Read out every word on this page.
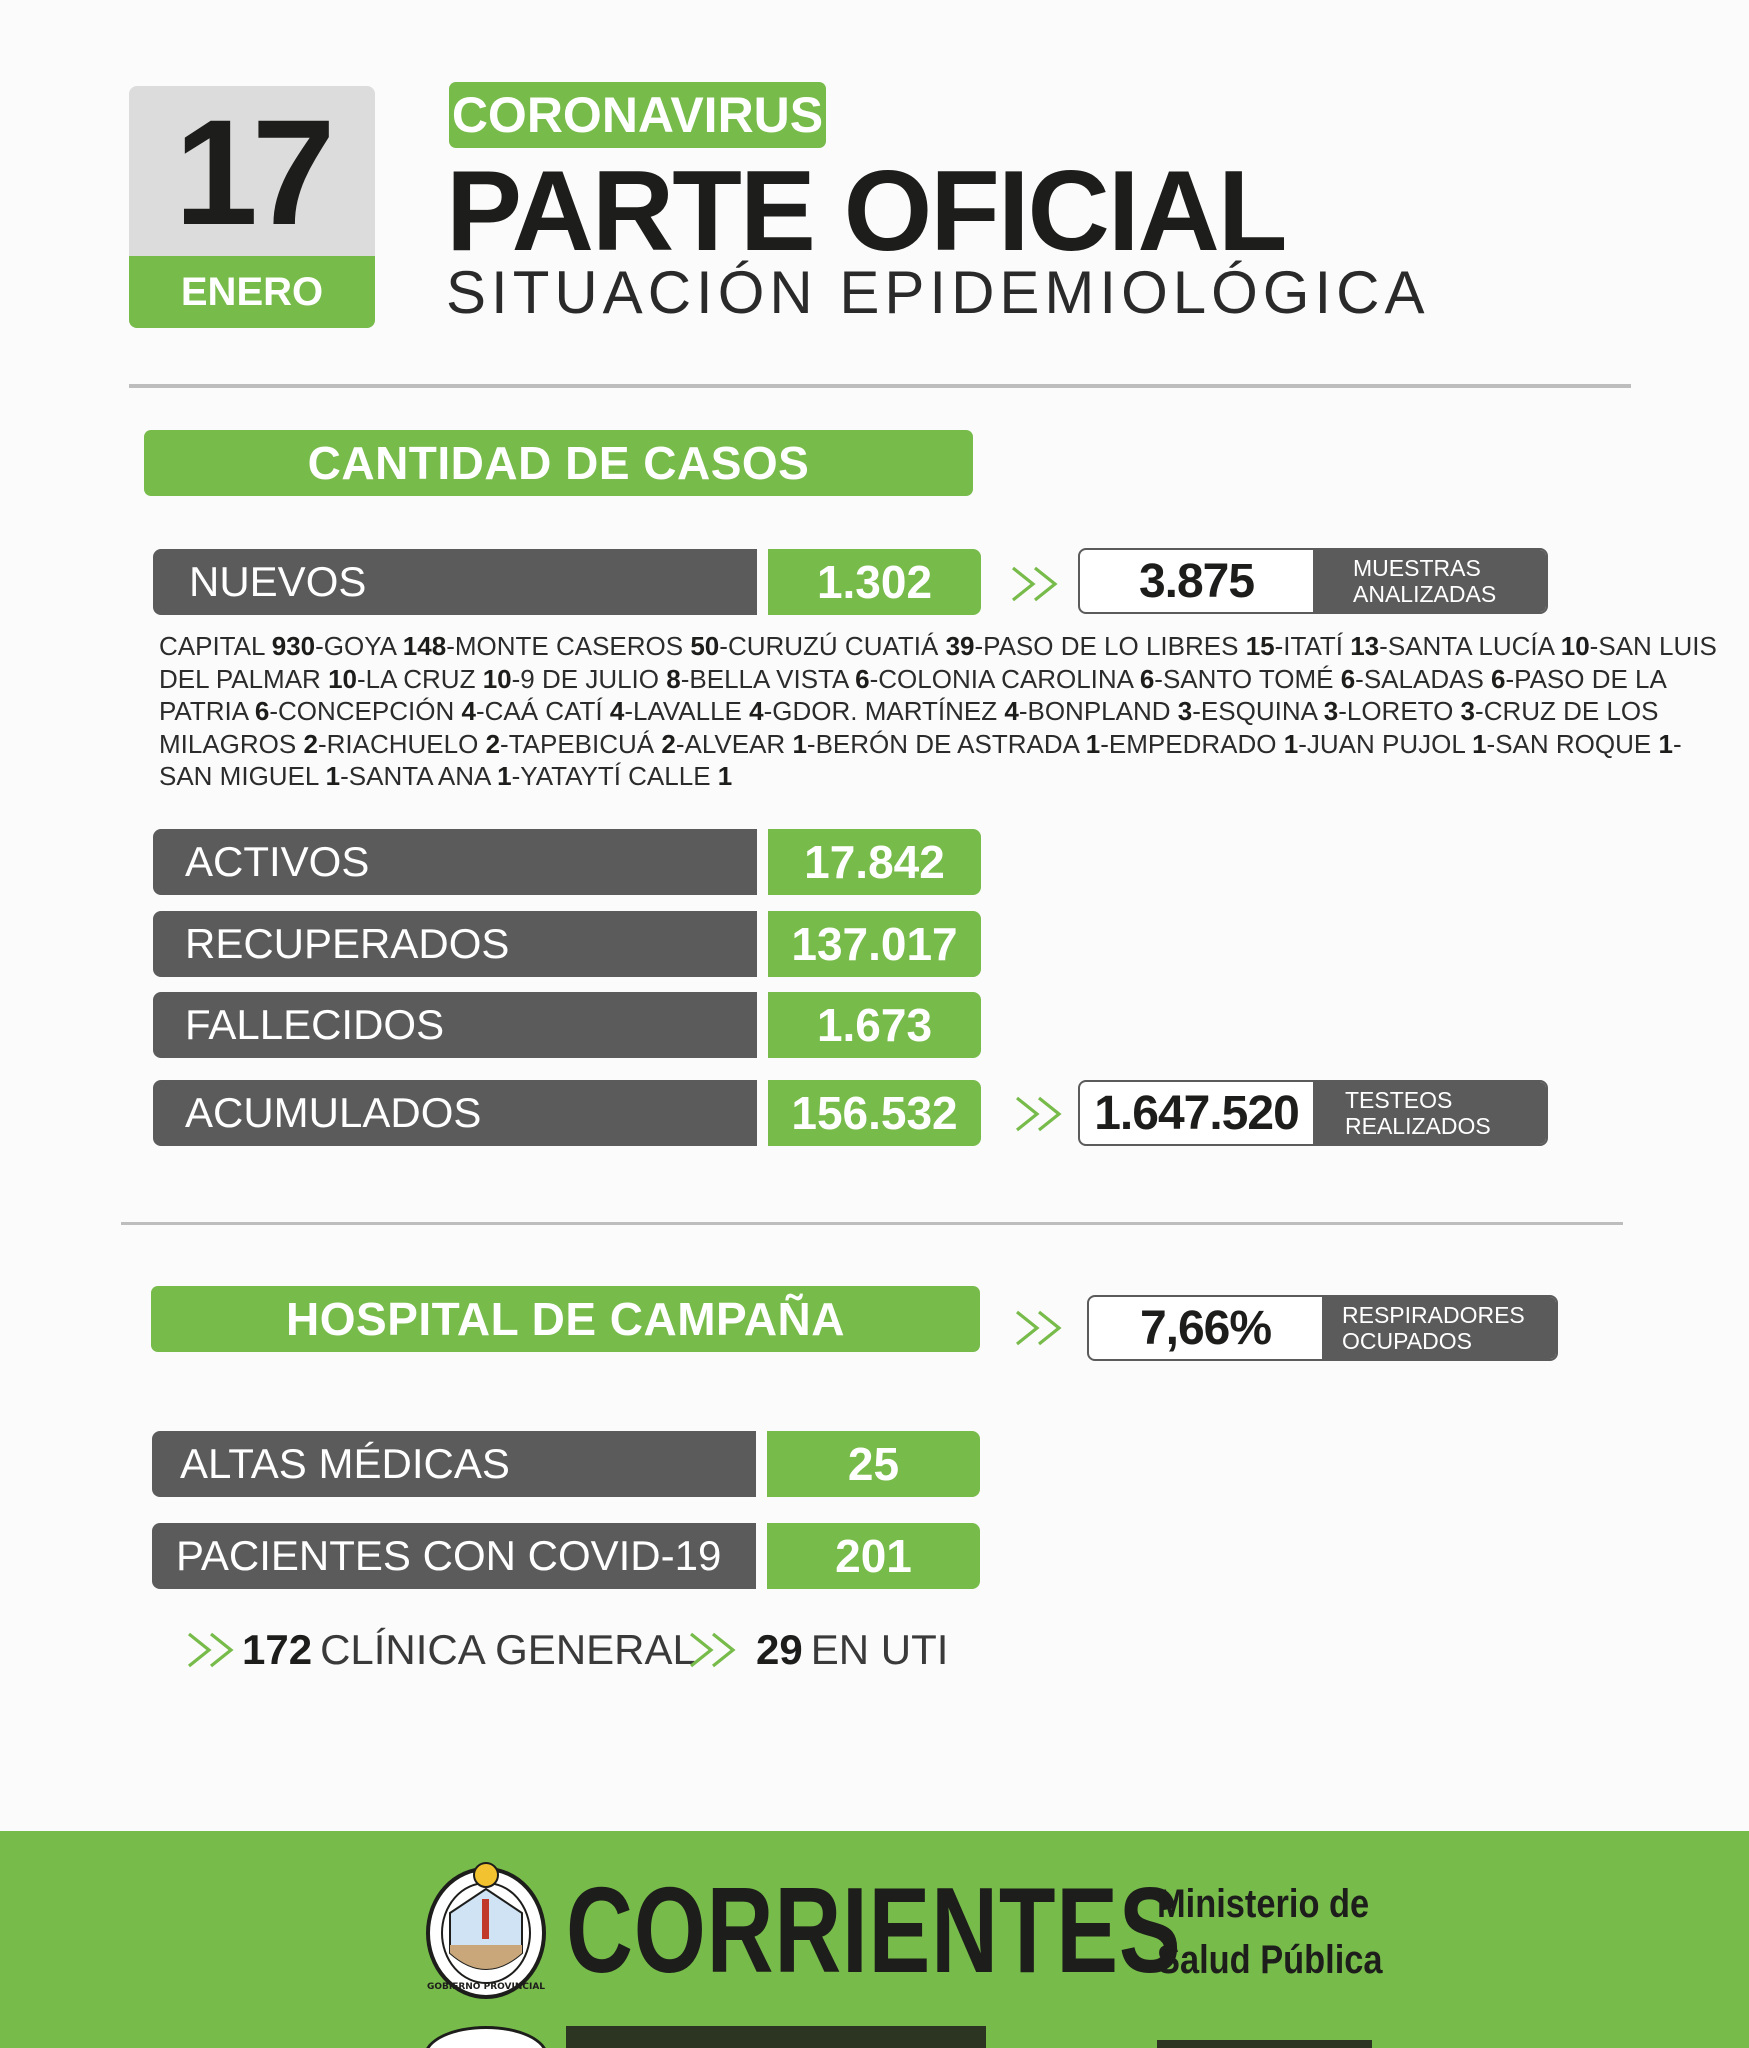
17
ENERO
CORONAVIRUS
PARTE OFICIAL
SITUACIÓN EPIDEMIOLÓGICA
CANTIDAD DE CASOS
NUEVOS	1.302	3.875	MUESTRAS
ANALIZADAS
CAPITAL 930-GOYA 148-MONTE CASEROS 50-CURUZÚ CUATIÁ 39-PASO DE LO LIBRES 15-ITATÍ 13-SANTA LUCÍA 10-SAN LUIS DEL PALMAR 10-LA CRUZ 10-9 DE JULIO 8-BELLA VISTA 6-COLONIA CAROLINA 6-SANTO TOMÉ 6-SALADAS 6-PASO DE LA PATRIA 6-CONCEPCIÓN 4-CAÁ CATÍ 4-LAVALLE 4-GDOR. MARTÍNEZ 4-BONPLAND 3-ESQUINA 3-LORETO 3-CRUZ DE LOS MILAGROS 2-RIACHUELO 2-TAPEBICUÁ 2-ALVEAR 1-BERÓN DE ASTRADA 1-EMPEDRADO 1-JUAN PUJOL 1-SAN ROQUE 1-SAN MIGUEL 1-SANTA ANA 1-YATAYTÍ CALLE 1
ACTIVOS	17.842
RECUPERADOS	137.017
FALLECIDOS	1.673
ACUMULADOS	156.532	1.647.520	TESTEOS
REALIZADOS
HOSPITAL DE CAMPAÑA	7,66%	RESPIRADORES
OCUPADOS
ALTAS MÉDICAS	25
PACIENTES CON COVID-19	201
172 CLÍNICA GENERAL 29 EN UTI
GOBIERNO PROVINCIAL CORRIENTES
Ministerio de
Salud Pública
